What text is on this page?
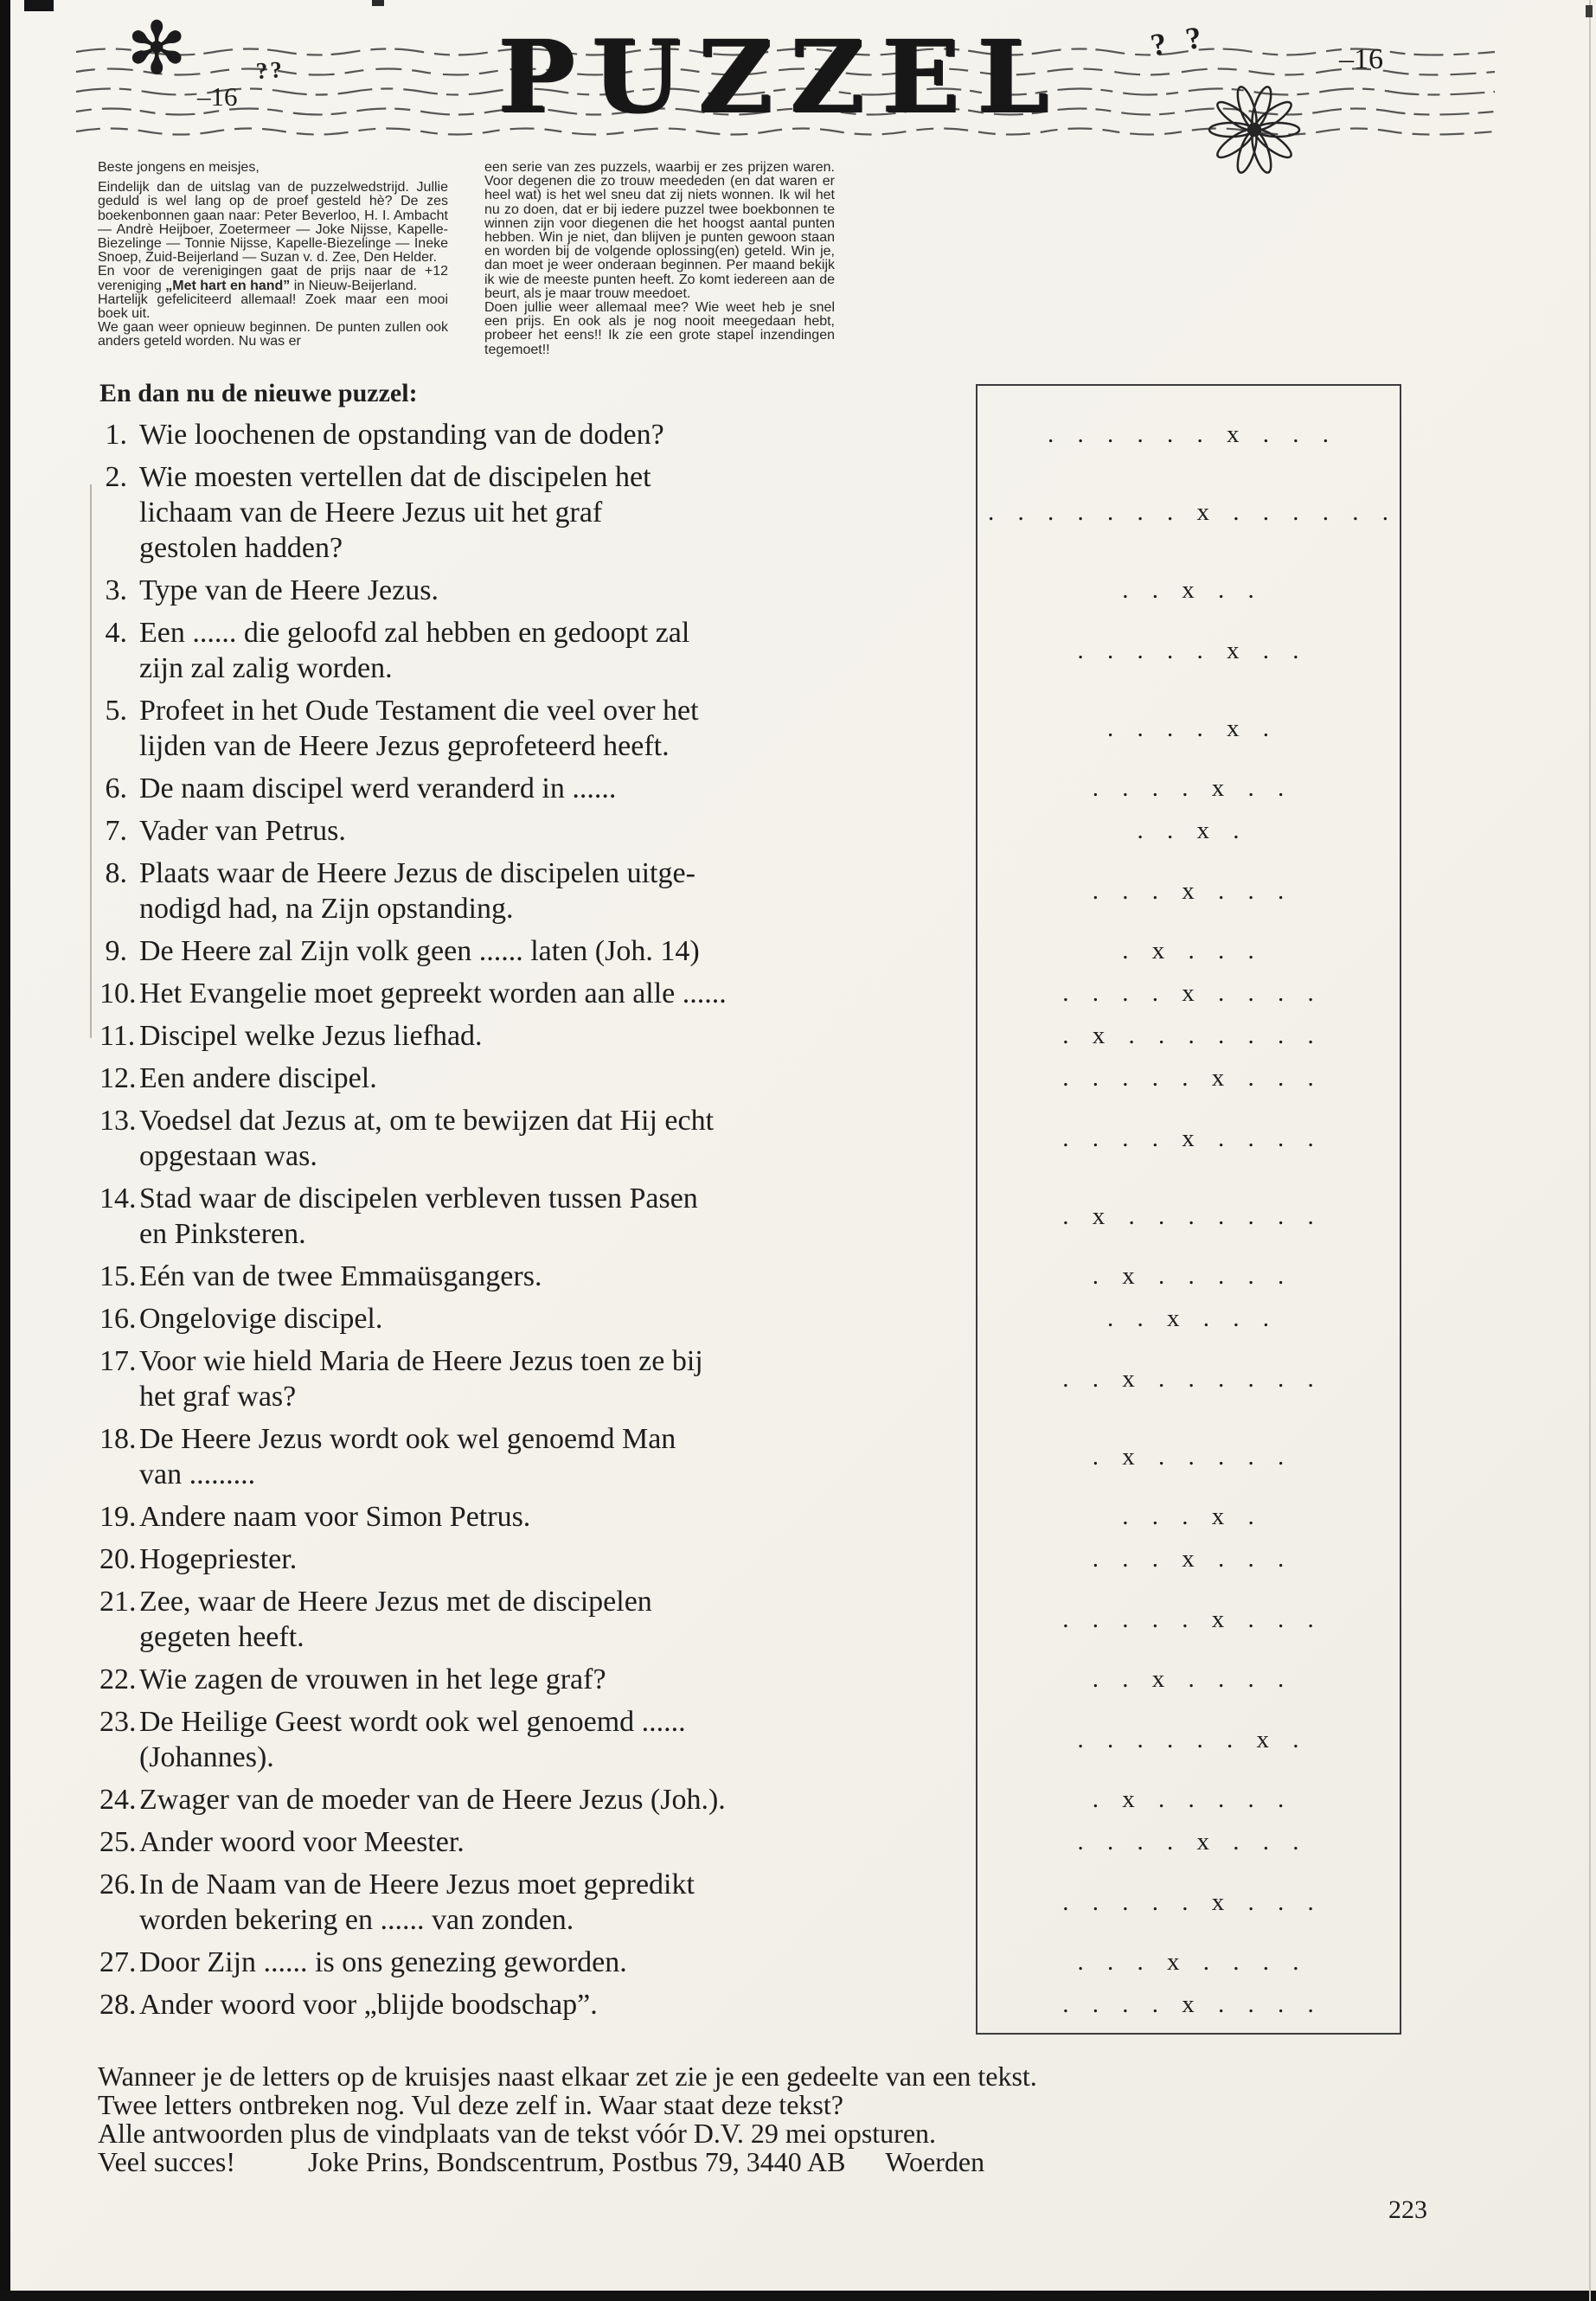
✻	??
–16	PUZZEL	? ?	–16

Beste jongens en meisjes,

Eindelijk dan de uitslag van de puzzelwedstrijd. Jullie geduld is wel lang op de proef gesteld hè? De zes boekenbonnen gaan naar: Peter Beverloo, H. I. Ambacht — Andrè Heijboer, Zoetermeer — Joke Nijsse, Kapelle-Biezelinge — Tonnie Nijsse, Kapelle-Biezelinge — Ineke Snoep, Zuid-Beijerland — Suzan v. d. Zee, Den Helder.

En voor de verenigingen gaat de prijs naar de +12 vereniging „Met hart en hand” in Nieuw-Beijerland.

Hartelijk gefeliciteerd allemaal! Zoek maar een mooi boek uit.

We gaan weer opnieuw beginnen. De punten zullen ook anders geteld worden. Nu was er

een serie van zes puzzels, waarbij er zes prijzen waren. Voor degenen die zo trouw meededen (en dat waren er heel wat) is het wel sneu dat zij niets wonnen. Ik wil het nu zo doen, dat er bij iedere puzzel twee boekbonnen te winnen zijn voor diegenen die het hoogst aantal punten hebben. Win je niet, dan blijven je punten gewoon staan en worden bij de volgende oplossing(en) geteld. Win je, dan moet je weer onderaan beginnen. Per maand bekijk ik wie de meeste punten heeft. Zo komt iedereen aan de beurt, als je maar trouw meedoet.

Doen jullie weer allemaal mee? Wie weet heb je snel een prijs. En ook als je nog nooit meegedaan hebt, probeer het eens!! Ik zie een grote stapel inzendingen tegemoet!!

En dan nu de nieuwe puzzel:
1. Wie loochenen de opstanding van de doden?	. . . . . . x . . .
2. Wie moesten vertellen dat de discipelen het
lichaam van de Heere Jezus uit het graf
gestolen hadden?
. . . . . . . x . . . . . .
3. Type van de Heere Jezus.	. . x . .
4. Een ...... die geloofd zal hebben en gedoopt zal
zijn zal zalig worden.
. . . . . x . .
5. Profeet in het Oude Testament die veel over het
lijden van de Heere Jezus geprofeteerd heeft.
. . . . x .
6. De naam discipel werd veranderd in ......	. . . . x . .
7. Vader van Petrus.	. . x .
8. Plaats waar de Heere Jezus de discipelen uitge-
nodigd had, na Zijn opstanding.
. . . x . . .
9. De Heere zal Zijn volk geen ...... laten (Joh. 14)	. x . . .
10. Het Evangelie moet gepreekt worden aan alle ......	. . . . x . . . .
11. Discipel welke Jezus liefhad.	. x . . . . . . .
12. Een andere discipel.	. . . . . x . . .
13. Voedsel dat Jezus at, om te bewijzen dat Hij echt
opgestaan was.
. . . . x . . . .
14. Stad waar de discipelen verbleven tussen Pasen
en Pinksteren.
. x . . . . . . .
15. Eén van de twee Emmaüsgangers.	. x . . . . .
16. Ongelovige discipel.	. . x . . .
17. Voor wie hield Maria de Heere Jezus toen ze bij
het graf was?
. . x . . . . . .
18. De Heere Jezus wordt ook wel genoemd Man
van .........
. x . . . . .
19. Andere naam voor Simon Petrus.	. . . x .
20. Hogepriester.	. . . x . . .
21. Zee, waar de Heere Jezus met de discipelen
gegeten heeft.
. . . . . x . . .
22. Wie zagen de vrouwen in het lege graf?	. . x . . . .
23. De Heilige Geest wordt ook wel genoemd ......
(Johannes).
. . . . . . x .
24. Zwager van de moeder van de Heere Jezus (Joh.).	. x . . . . .
25. Ander woord voor Meester.	. . . . x . . .
26. In de Naam van de Heere Jezus moet gepredikt
worden bekering en ...... van zonden.
. . . . . x . . .
27. Door Zijn ...... is ons genezing geworden.	. . . x . . . .
28. Ander woord voor „blijde boodschap”.	. . . . x . . . .
Wanneer je de letters op de kruisjes naast elkaar zet zie je een gedeelte van een tekst.
Twee letters ontbreken nog. Vul deze zelf in. Waar staat deze tekst?
Alle antwoorden plus de vindplaats van de tekst vóór D.V. 29 mei opsturen.
Veel succes!	Joke Prins, Bondscentrum, Postbus 79, 3440 AB Woerden
223
